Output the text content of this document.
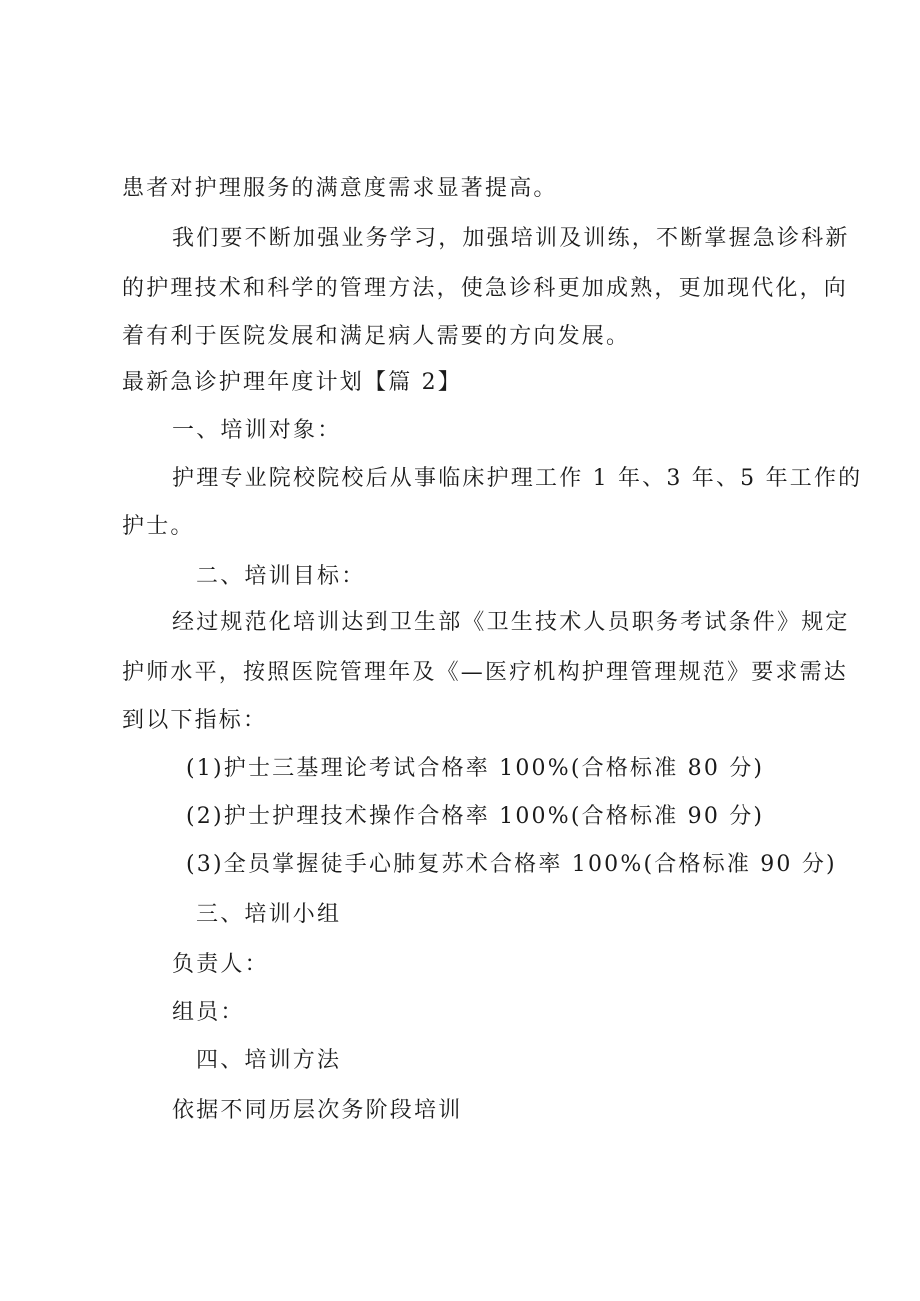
患者对护理服务的满意度需求显著提高。
我们要不断加强业务学习，加强培训及训练，不断掌握急诊科新
的护理技术和科学的管理方法，使急诊科更加成熟，更加现代化，向
着有利于医院发展和满足病人需要的方向发展。
最新急诊护理年度计划【篇 2】
一、培训对象：
护理专业院校院校后从事临床护理工作 1 年、3 年、5 年工作的
护士。
二、培训目标：
经过规范化培训达到卫生部《卫生技术人员职务考试条件》规定
护师水平，按照医院管理年及《—医疗机构护理管理规范》要求需达
到以下指标：
(1)护士三基理论考试合格率 100%(合格标准 80 分)
(2)护士护理技术操作合格率 100%(合格标准 90 分)
(3)全员掌握徒手心肺复苏术合格率 100%(合格标准 90 分)
三、培训小组
负责人：
组员：
四、培训方法
依据不同历层次务阶段培训
